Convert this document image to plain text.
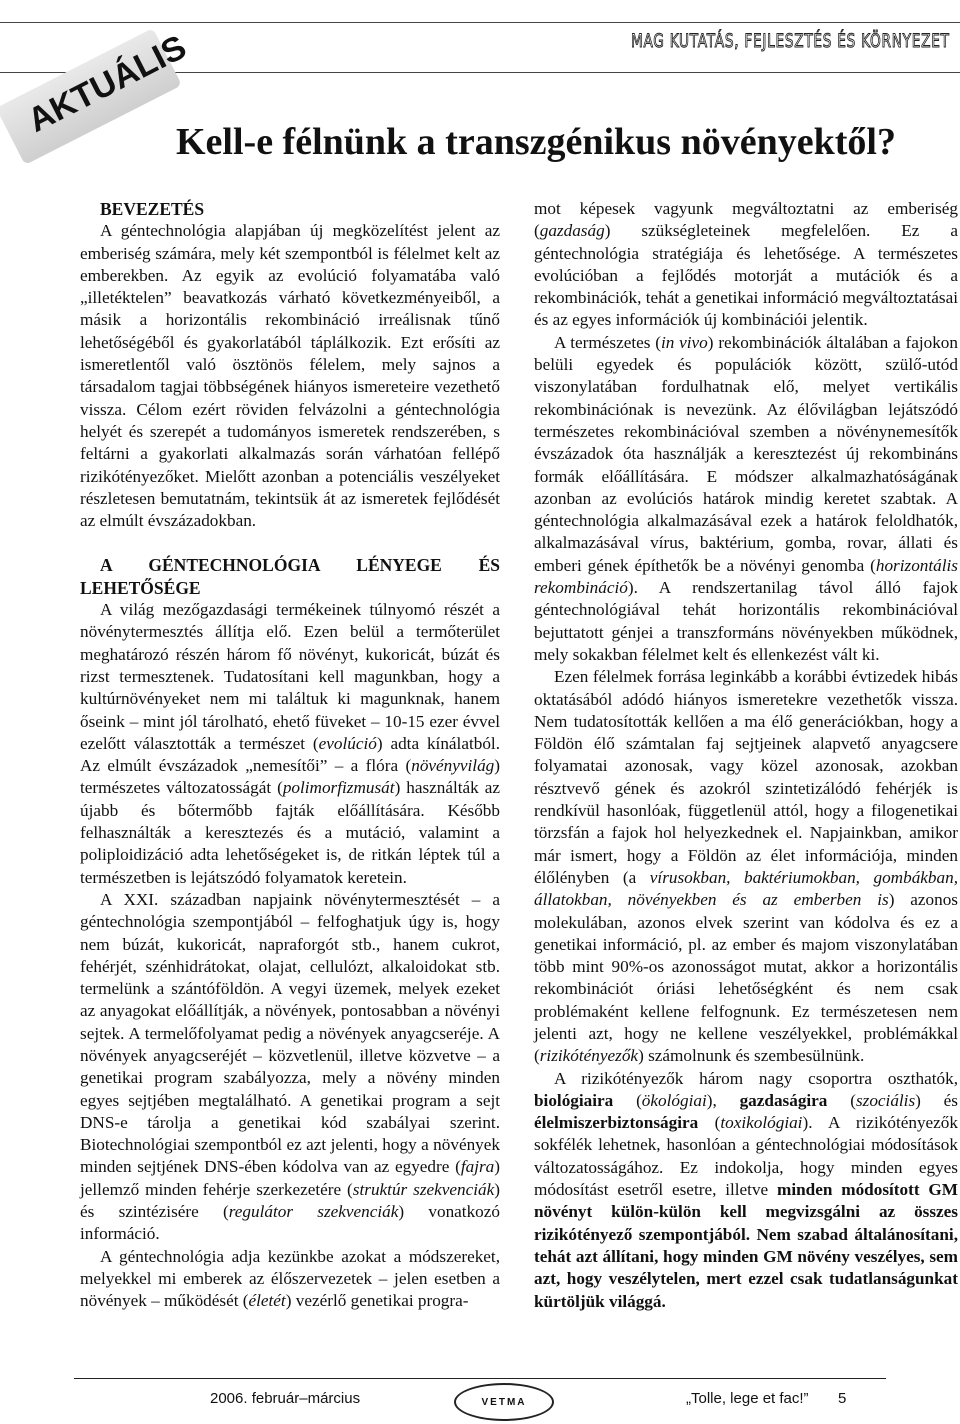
MAG KUTATÁS, FEJLESZTÉS ÉS KÖRNYEZET
AKTUÁLIS
Kell-e félnünk a transzgénikus növényektől?

BEVEZETÉS

A géntechnológia alapjában új megközelítést jelent az emberiség számára, mely két szempontból is félelmet kelt az emberekben. Az egyik az evolúció folyamatába való „illetéktelen” beavatkozás várható következményeiből, a másik a horizontális rekombináció irreálisnak tűnő lehetőségéből és gyakorlatából táplálkozik. Ezt erősíti az ismeretlentől való ösztönös félelem, mely sajnos a társadalom tagjai többségének hiányos ismereteire vezethető vissza. Célom ezért röviden felvázolni a géntechnológia helyét és szerepét a tudományos ismeretek rendszerében, s feltárni a gyakorlati alkalmazás során várhatóan fellépő rizikótényezőket. Mielőtt azonban a potenciális veszélyeket részletesen bemutatnám, tekintsük át az ismeretek fejlődését az elmúlt évszázadokban.

A GÉNTECHNOLÓGIA LÉNYEGE ÉS LEHETŐSÉGE

A világ mezőgazdasági termékeinek túlnyomó részét a növénytermesztés állítja elő. Ezen belül a termőterület meghatározó részén három fő növényt, kukoricát, búzát és rizst termesztenek. Tudatosítani kell magunkban, hogy a kultúrnövényeket nem mi találtuk ki magunknak, hanem őseink – mint jól tárolható, ehető füveket – 10-15 ezer évvel ezelőtt választották a természet (evolúció) adta kínálatból. Az elmúlt évszázadok „nemesítői” – a flóra (növényvilág) természetes változatosságát (polimorfizmusát) használták az újabb és bőtermőbb fajták előállítására. Később felhasználták a keresztezés és a mutáció, valamint a poliploidizáció adta lehetőségeket is, de ritkán léptek túl a természetben is lejátszódó folyamatok keretein.

A XXI. században napjaink növénytermesztését – a géntechnológia szempontjából – felfoghatjuk úgy is, hogy nem búzát, kukoricát, napraforgót stb., hanem cukrot, fehérjét, szénhidrátokat, olajat, cellulózt, alkaloidokat stb. termelünk a szántóföldön. A vegyi üzemek, melyek ezeket az anyagokat előállítják, a növények, pontosabban a növényi sejtek. A termelőfolyamat pedig a növények anyagcseréje. A növények anyagcseréjét – közvetlenül, illetve közvetve – a genetikai program szabályozza, mely a növény minden egyes sejtjében megtalálható. A genetikai program a sejt DNS-e tárolja a genetikai kód szabályai szerint. Biotechnológiai szempontból ez azt jelenti, hogy a növények minden sejtjének DNS-ében kódolva van az egyedre (fajra) jellemző minden fehérje szerkezetére (struktúr szekvenciák) és szintézisére (regulátor szekvenciák) vonatkozó információ.

A géntechnológia adja kezünkbe azokat a módszereket, melyekkel mi emberek az élőszervezetek – jelen esetben a növények – működését (életét) vezérlő genetikai progra-

mot képesek vagyunk megváltoztatni az emberiség (gazdaság) szükségleteinek megfelelően. Ez a géntechnológia stratégiája és lehetősége. A természetes evolúcióban a fejlődés motorját a mutációk és a rekombinációk, tehát a genetikai információ megváltoztatásai és az egyes információk új kombinációi jelentik.

A természetes (in vivo) rekombinációk általában a fajokon belüli egyedek és populációk között, szülő-utód viszonylatában fordulhatnak elő, melyet vertikális rekombinációnak is nevezünk. Az élővilágban lejátszódó természetes rekombinációval szemben a növénynemesítők évszázadok óta használják a keresztezést új rekombináns formák előállítására. E módszer alkalmazhatóságának azonban az evolúciós határok mindig keretet szabtak. A géntechnológia alkalmazásával ezek a határok feloldhatók, alkalmazásával vírus, baktérium, gomba, rovar, állati és emberi gének építhetők be a növényi genomba (horizontális rekombináció). A rendszertanilag távol álló fajok géntechnológiával tehát horizontális rekombinációval bejuttatott génjei a transzformáns növényekben működnek, mely sokakban félelmet kelt és ellenkezést vált ki.

Ezen félelmek forrása leginkább a korábbi évtizedek hibás oktatásából adódó hiányos ismeretekre vezethetők vissza. Nem tudatosították kellően a ma élő generációkban, hogy a Földön élő számtalan faj sejtjeinek alapvető anyagcsere folyamatai azonosak, vagy közel azonosak, azokban résztvevő gének és azokról szintetizálódó fehérjék is rendkívül hasonlóak, függetlenül attól, hogy a filogenetikai törzsfán a fajok hol helyezkednek el. Napjainkban, amikor már ismert, hogy a Földön az élet információja, minden élőlényben (a vírusokban, baktériumokban, gombákban, állatokban, növényekben és az emberben is) azonos molekulában, azonos elvek szerint van kódolva és ez a genetikai információ, pl. az ember és majom viszonylatában több mint 90%-os azonosságot mutat, akkor a horizontális rekombinációt óriási lehetőségként és nem csak problémaként kellene felfognunk. Ez természetesen nem jelenti azt, hogy ne kellene veszélyekkel, problémákkal (rizikótényezők) számolnunk és szembesülnünk.

A rizikótényezők három nagy csoportra oszthatók, biológiaira (ökológiai), gazdaságira (szociális) és élelmiszerbiztonságira (toxikológiai). A rizikótényezők sokfélék lehetnek, hasonlóan a géntechnológiai módosítások változatosságához. Ez indokolja, hogy minden egyes módosítást esetről esetre, illetve minden módosított GM növényt külön-külön kell megvizsgálni az összes rizikótényező szempontjából. Nem szabad általánosítani, tehát azt állítani, hogy minden GM növény veszélyes, sem azt, hogy veszélytelen, mert ezzel csak tudatlanságunkat kürtöljük világgá.

2006. február–március	VETMA	„Tolle, lege et fac!” 5
